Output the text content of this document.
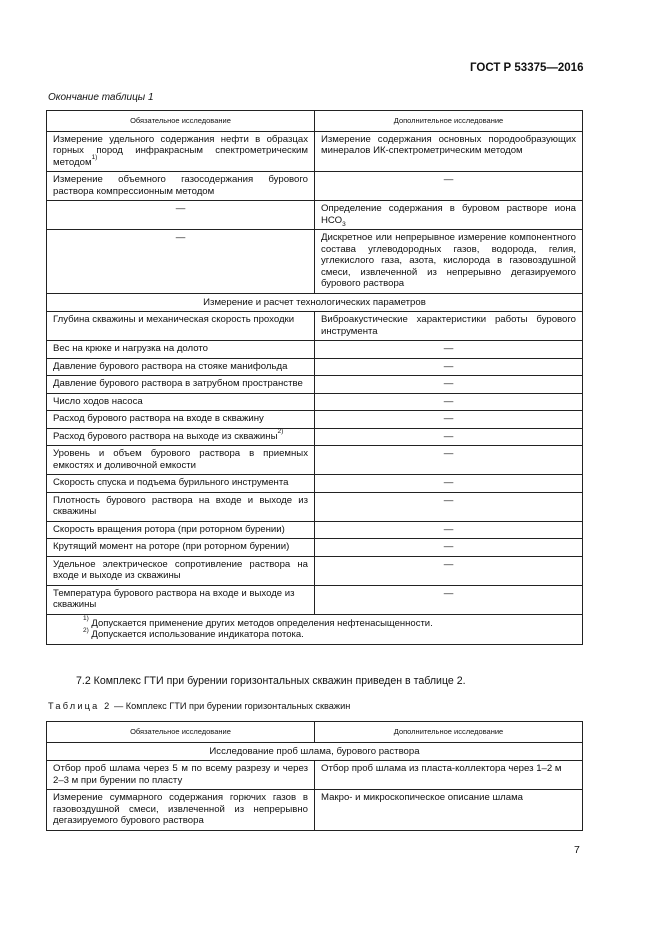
ГОСТ Р 53375—2016
Окончание таблицы 1
Обязательное исследование	Дополнительное исследование
Измерение удельного содержания нефти в образцах горных пород инфракрасным спектрометрическим методом$^{1)}$	Измерение содержания основных породообразующих минералов ИК-спектрометрическим методом
Измерение объемного газосодержания бурового раствора компрессионным методом	—
—	Определение содержания в буровом растворе иона $НСО_3$
—	Дискретное или непрерывное измерение компонентного состава углеводородных газов, водорода, гелия, углекислого газа, азота, кислорода в газовоздушной смеси, извлеченной из непрерывно дегазируемого бурового раствора
Измерение и расчет технологических параметров	
Глубина скважины и механическая скорость проходки	Виброакустические характеристики работы бурового инструмента
Вес на крюке и нагрузка на долото	—
Давление бурового раствора на стояке манифольда	—
Давление бурового раствора в затрубном пространстве	—
Число ходов насоса	—
Расход бурового раствора на входе в скважину	—
Расход бурового раствора на выходе из скважины$^{2)}$	—
Уровень и объем бурового раствора в приемных емкостях и доливочной емкости	—
Скорость спуска и подъема бурильного инструмента	—
Плотность бурового раствора на входе и выходе из скважины	—
Скорость вращения ротора (при роторном бурении)	—
Крутящий момент на роторе (при роторном бурении)	—
Удельное электрическое сопротивление раствора на входе и выходе из скважины	—
Температура бурового раствора на входе и выходе из скважины	—

$^{1)}$ Допускается применение других методов определения нефтенасыщенности.
$^{2)}$ Допускается использование индикатора потока.	
7.2 Комплекс ГТИ при бурении горизонтальных скважин приведен в таблице 2.
Таблица 2 — Комплекс ГТИ при бурении горизонтальных скважин
Обязательное исследование	Дополнительное исследование
Исследование проб шлама, бурового раствора	
Отбор проб шлама через 5 м по всему разрезу и через 2–3 м при бурении по пласту	Отбор проб шлама из пласта-коллектора через 1–2 м
Измерение суммарного содержания горючих газов в газовоздушной смеси, извлеченной из непрерывно дегазируемого бурового раствора	Макро- и микроскопическое описание шлама
7
